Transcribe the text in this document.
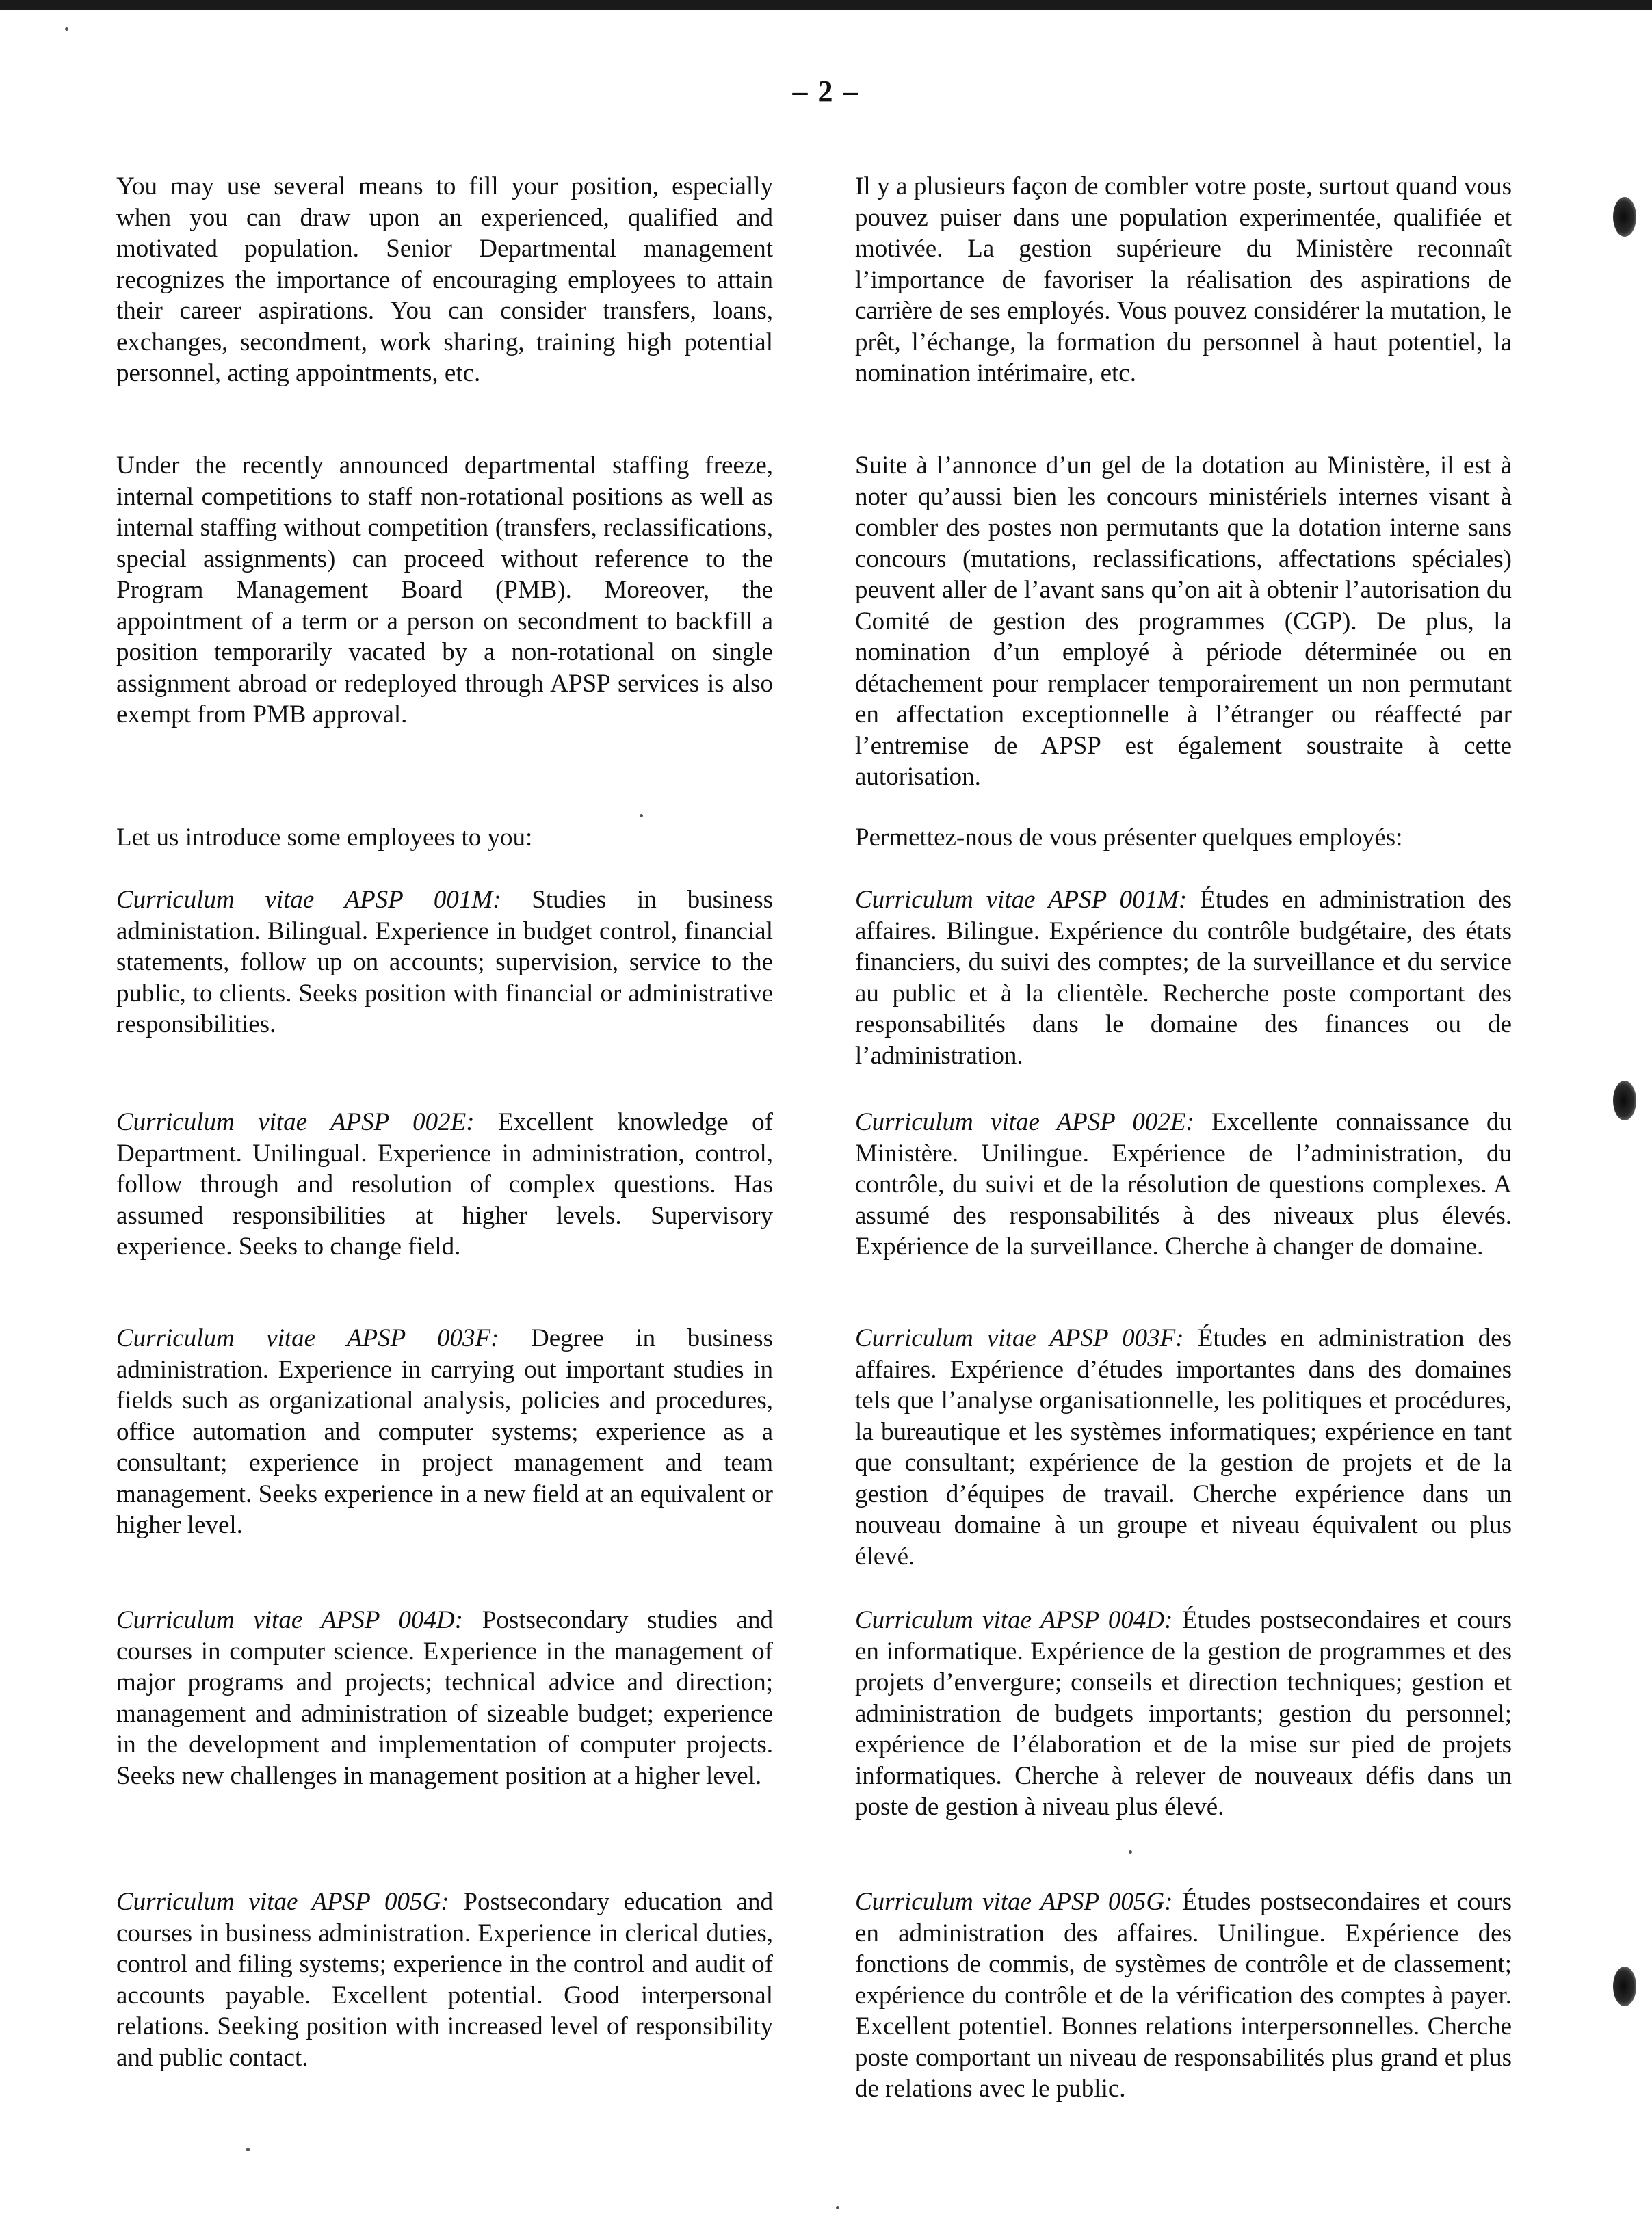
– 2 –

You may use several means to fill your position, especially when you can draw upon an experienced, qualified and motivated population. Senior Departmental management recognizes the importance of encouraging employees to attain their career aspirations. You can consider transfers, loans, exchanges, secondment, work sharing, training high potential personnel, acting appointments, etc.

Under the recently announced departmental staffing freeze, internal competitions to staff non-rotational positions as well as internal staffing without competition (transfers, reclassifications, special assignments) can proceed without reference to the Program Management Board (PMB). Moreover, the appointment of a term or a person on secondment to backfill a position temporarily vacated by a non-rotational on single assignment abroad or redeployed through APSP services is also exempt from PMB approval.

Let us introduce some employees to you:

Curriculum vitae APSP 001M: Studies in business administation. Bilingual. Experience in budget control, financial statements, follow up on accounts; supervision, service to the public, to clients. Seeks position with financial or administrative responsibilities.

Curriculum vitae APSP 002E: Excellent knowledge of Department. Unilingual. Experience in administration, control, follow through and resolution of complex questions. Has assumed responsibilities at higher levels. Supervisory experience. Seeks to change field.

Curriculum vitae APSP 003F: Degree in business administration. Experience in carrying out important studies in fields such as organizational analysis, policies and procedures, office automation and computer systems; experience as a consultant; experience in project management and team management. Seeks experience in a new field at an equivalent or higher level.

Curriculum vitae APSP 004D: Postsecondary studies and courses in computer science. Experience in the management of major programs and projects; technical advice and direction; management and administration of sizeable budget; experience in the development and implementation of computer projects. Seeks new challenges in management position at a higher level.

Curriculum vitae APSP 005G: Postsecondary education and courses in business administration. Experience in clerical duties, control and filing systems; experience in the control and audit of accounts payable. Excellent potential. Good interpersonal relations. Seeking position with increased level of responsibility and public contact.

Il y a plusieurs façon de combler votre poste, surtout quand vous pouvez puiser dans une population experimentée, qualifiée et motivée. La gestion supérieure du Ministère reconnaît l’importance de favoriser la réalisation des aspirations de carrière de ses employés. Vous pouvez considérer la mutation, le prêt, l’échange, la formation du personnel à haut potentiel, la nomination intérimaire, etc.

Suite à l’annonce d’un gel de la dotation au Ministère, il est à noter qu’aussi bien les concours ministériels internes visant à combler des postes non permutants que la dotation interne sans concours (mutations, reclassifications, affectations spéciales) peuvent aller de l’avant sans qu’on ait à obtenir l’autorisation du Comité de gestion des programmes (CGP). De plus, la nomination d’un employé à période déterminée ou en détachement pour remplacer temporairement un non permutant en affectation exceptionnelle à l’étranger ou réaffecté par l’entremise de APSP est également soustraite à cette autorisation.

Permettez-nous de vous présenter quelques employés:

Curriculum vitae APSP 001M: Études en administration des affaires. Bilingue. Expérience du contrôle budgétaire, des états financiers, du suivi des comptes; de la surveillance et du service au public et à la clientèle. Recherche poste comportant des responsabilités dans le domaine des finances ou de l’administration.

Curriculum vitae APSP 002E: Excellente connaissance du Ministère. Unilingue. Expérience de l’administration, du contrôle, du suivi et de la résolution de questions complexes. A assumé des responsabilités à des niveaux plus élevés. Expérience de la surveillance. Cherche à changer de domaine.

Curriculum vitae APSP 003F: Études en administration des affaires. Expérience d’études importantes dans des domaines tels que l’analyse organisationnelle, les politiques et procédures, la bureautique et les systèmes informatiques; expérience en tant que consultant; expérience de la gestion de projets et de la gestion d’équipes de travail. Cherche expérience dans un nouveau domaine à un groupe et niveau équivalent ou plus élevé.

Curriculum vitae APSP 004D: Études postsecondaires et cours en informatique. Expérience de la gestion de programmes et des projets d’envergure; conseils et direction techniques; gestion et administration de budgets importants; gestion du personnel; expérience de l’élaboration et de la mise sur pied de projets informatiques. Cherche à relever de nouveaux défis dans un poste de gestion à niveau plus élevé.

Curriculum vitae APSP 005G: Études postsecondaires et cours en administration des affaires. Unilingue. Expérience des fonctions de commis, de systèmes de contrôle et de classement; expérience du contrôle et de la vérification des comptes à payer. Excellent potentiel. Bonnes relations interpersonnelles. Cherche poste comportant un niveau de responsabilités plus grand et plus de relations avec le public.
